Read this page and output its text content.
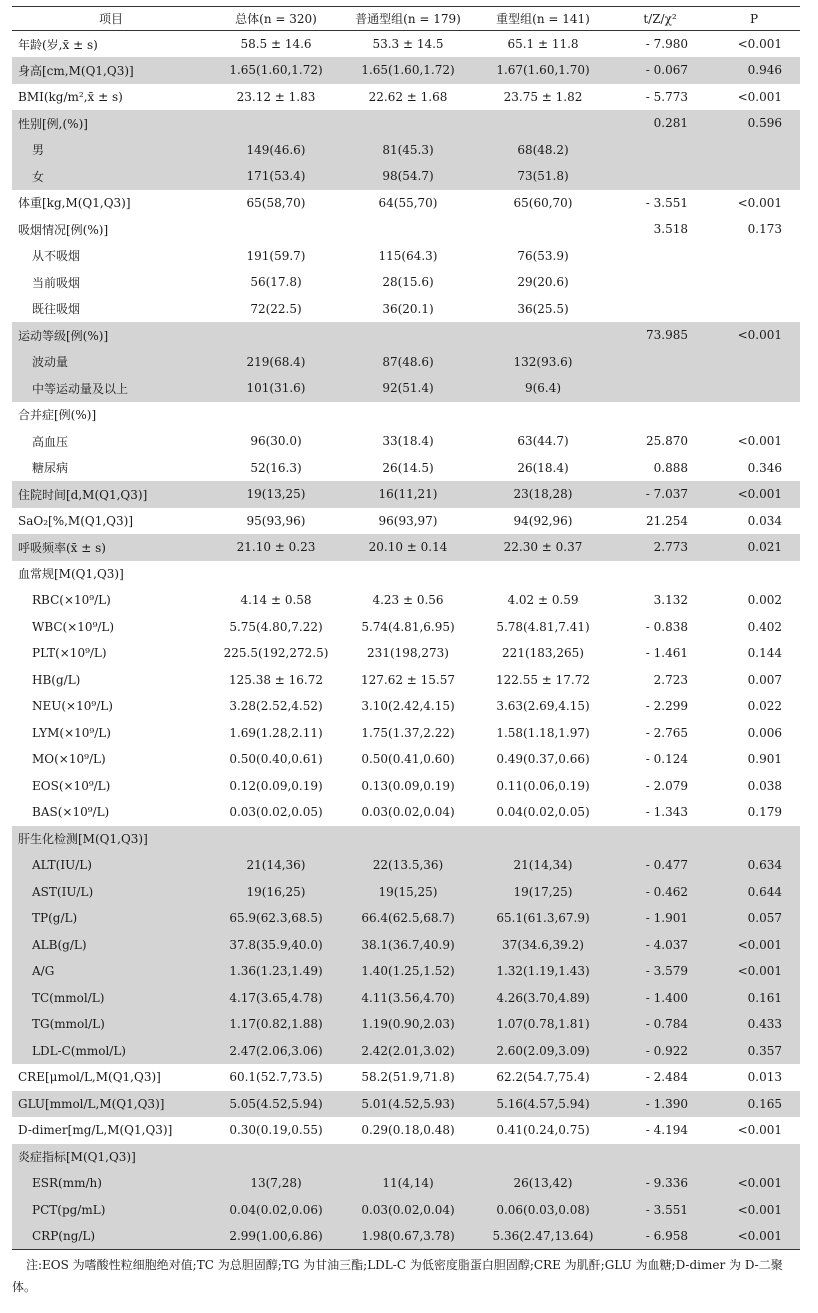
项目	总体(n = 320)	普通型组(n = 179)	重型组(n = 141)	t/Z/χ²	P
年龄(岁,x̄ ± s)	58.5 ± 14.6	53.3 ± 14.5	65.1 ± 11.8	- 7.980	<0.001
身高[cm,M(Q1,Q3)]	1.65(1.60,1.72)	1.65(1.60,1.72)	1.67(1.60,1.70)	- 0.067	0.946
BMI(kg/m²,x̄ ± s)	23.12 ± 1.83	22.62 ± 1.68	23.75 ± 1.82	- 5.773	<0.001
性别[例,(%)]				0.281	0.596
男	149(46.6)	81(45.3)	68(48.2)		
女	171(53.4)	98(54.7)	73(51.8)		
体重[kg,M(Q1,Q3)]	65(58,70)	64(55,70)	65(60,70)	- 3.551	<0.001
吸烟情况[例(%)]				3.518	0.173
从不吸烟	191(59.7)	115(64.3)	76(53.9)		
当前吸烟	56(17.8)	28(15.6)	29(20.6)		
既往吸烟	72(22.5)	36(20.1)	36(25.5)		
运动等级[例(%)]				73.985	<0.001
波动量	219(68.4)	87(48.6)	132(93.6)		
中等运动量及以上	101(31.6)	92(51.4)	9(6.4)		
合并症[例(%)]					
高血压	96(30.0)	33(18.4)	63(44.7)	25.870	<0.001
糖尿病	52(16.3)	26(14.5)	26(18.4)	0.888	0.346
住院时间[d,M(Q1,Q3)]	19(13,25)	16(11,21)	23(18,28)	- 7.037	<0.001
SaO₂[%,M(Q1,Q3)]	95(93,96)	96(93,97)	94(92,96)	21.254	0.034
呼吸频率(x̄ ± s)	21.10 ± 0.23	20.10 ± 0.14	22.30 ± 0.37	2.773	0.021
血常规[M(Q1,Q3)]					
RBC(×10⁹/L)	4.14 ± 0.58	4.23 ± 0.56	4.02 ± 0.59	3.132	0.002
WBC(×10⁹/L)	5.75(4.80,7.22)	5.74(4.81,6.95)	5.78(4.81,7.41)	- 0.838	0.402
PLT(×10⁹/L)	225.5(192,272.5)	231(198,273)	221(183,265)	- 1.461	0.144
HB(g/L)	125.38 ± 16.72	127.62 ± 15.57	122.55 ± 17.72	2.723	0.007
NEU(×10⁹/L)	3.28(2.52,4.52)	3.10(2.42,4.15)	3.63(2.69,4.15)	- 2.299	0.022
LYM(×10⁹/L)	1.69(1.28,2.11)	1.75(1.37,2.22)	1.58(1.18,1.97)	- 2.765	0.006
MO(×10⁹/L)	0.50(0.40,0.61)	0.50(0.41,0.60)	0.49(0.37,0.66)	- 0.124	0.901
EOS(×10⁹/L)	0.12(0.09,0.19)	0.13(0.09,0.19)	0.11(0.06,0.19)	- 2.079	0.038
BAS(×10⁹/L)	0.03(0.02,0.05)	0.03(0.02,0.04)	0.04(0.02,0.05)	- 1.343	0.179
肝生化检测[M(Q1,Q3)]					
ALT(IU/L)	21(14,36)	22(13.5,36)	21(14,34)	- 0.477	0.634
AST(IU/L)	19(16,25)	19(15,25)	19(17,25)	- 0.462	0.644
TP(g/L)	65.9(62.3,68.5)	66.4(62.5,68.7)	65.1(61.3,67.9)	- 1.901	0.057
ALB(g/L)	37.8(35.9,40.0)	38.1(36.7,40.9)	37(34.6,39.2)	- 4.037	<0.001
A/G	1.36(1.23,1.49)	1.40(1.25,1.52)	1.32(1.19,1.43)	- 3.579	<0.001
TC(mmol/L)	4.17(3.65,4.78)	4.11(3.56,4.70)	4.26(3.70,4.89)	- 1.400	0.161
TG(mmol/L)	1.17(0.82,1.88)	1.19(0.90,2.03)	1.07(0.78,1.81)	- 0.784	0.433
LDL-C(mmol/L)	2.47(2.06,3.06)	2.42(2.01,3.02)	2.60(2.09,3.09)	- 0.922	0.357
CRE[μmol/L,M(Q1,Q3)]	60.1(52.7,73.5)	58.2(51.9,71.8)	62.2(54.7,75.4)	- 2.484	0.013
GLU[mmol/L,M(Q1,Q3)]	5.05(4.52,5.94)	5.01(4.52,5.93)	5.16(4.57,5.94)	- 1.390	0.165
D-dimer[mg/L,M(Q1,Q3)]	0.30(0.19,0.55)	0.29(0.18,0.48)	0.41(0.24,0.75)	- 4.194	<0.001
炎症指标[M(Q1,Q3)]					
ESR(mm/h)	13(7,28)	11(4,14)	26(13,42)	- 9.336	<0.001
PCT(pg/mL)	0.04(0.02,0.06)	0.03(0.02,0.04)	0.06(0.03,0.08)	- 3.551	<0.001
CRP(ng/L)	2.99(1.00,6.86)	1.98(0.67,3.78)	5.36(2.47,13.64)	- 6.958	<0.001
注:EOS 为嗜酸性粒细胞绝对值;TC 为总胆固醇;TG 为甘油三酯;LDL-C 为低密度脂蛋白胆固醇;CRE 为肌酐;GLU 为血糖;D-dimer 为 D-二聚体。
